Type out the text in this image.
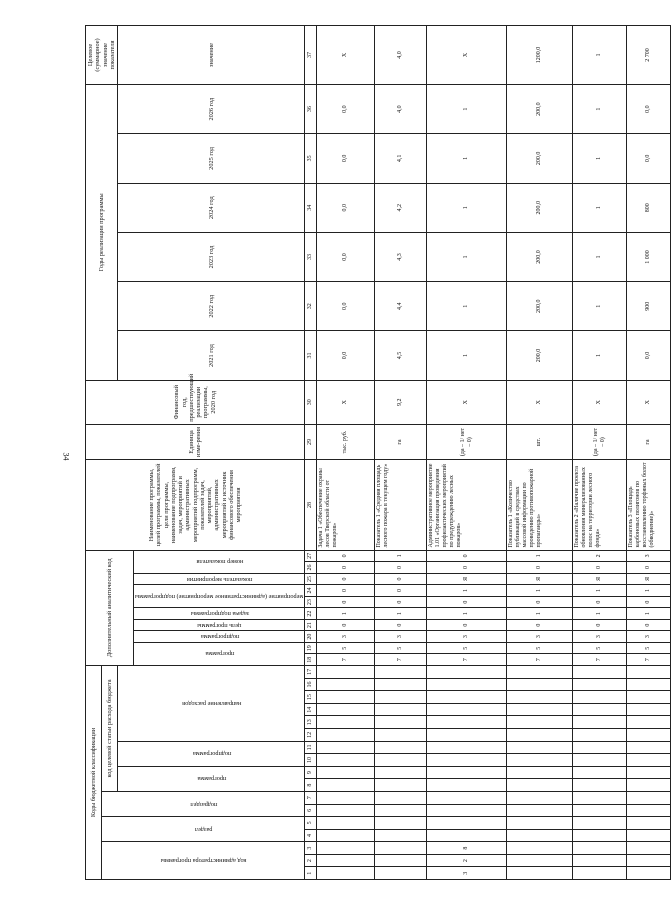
34
Коды бюджетной классификации																	Дополнительный аналитический код										Наименование программы, целей программы, показателей цели программы, наименование подпрограмм, задач, мероприятий и административных мероприятий подпрограмм, показателей задач, мероприятий, административных мероприятий и источник финансового обеспечения мероприятия	Единица изме-рения	Финансовый год, предшествующий реализации программы, 2020 год	Годы реализации программы						Целевое (суммарное) значение показателя
код администратора программы			раздел		подраздел		код целевой статьи расхода бюджета																													
							программа		подпрограмма		направление расходов																			2021 год	2022 год	2023 год	2024 год	2025 год	2026 год	значение
																	программа		подпрограмма	цель программы	задача подпрограммы	мероприятие (административное мероприятие) подпрограммы		показатель мероприятия	номер показателя											
1	2	3	4	5	6	7	8	9	10	11	12	13	14	15	16	17	18	19	20	21	22	23	24	25	26	27	28	29	30	31	32	33	34	35	36	37
																	7	5	3	0	1	0	0	0	0	0	Задача 1 «Обеспечение охраны лесов Тверской области от пожаров»	тыс. руб.	Х	0,0	0,0	0,0	0,0	0,0	0,0	Х
																	7	5	3	0	1	0	0	0	0	1	Показатель 1 «Средняя площадь лесного пожара в текущем году»	га	9,2	4,5	4,4	4,3	4,2	4,1	4,0	4,0
3	2	8															7	5	3	0	1	0	1	Я	0	0	Административное мероприятие 1.01 «Организация проведения профилактических мероприятий по предупреждению лесных пожаров»	(да – 1/ нет – 0)	Х	1	1	1	1	1	1	Х
																	7	5	3	0	1	0	1	Я	0	1	Показатель 1 «Количество публикаций в средствах массовой информации по проведению противопожарной пропаганды»	шт.	Х	200,0	200,0	200,0	200,0	200,0	200,0	1200,0
																	7	5	3	0	1	0	1	Я	0	2	Показатель 2 «Наличие проекта обновления минерализованных полос на территории лесного фонда»	(да – 1/ нет – 0)	Х	1	1	1	1	1	1	1
																	7	5	3	0	1	0	1	Я	0	3	Показатель 3 «Площадь карбоновых полигонов по восстановлению торфяных болот (обводнение)»	га	Х	0,0	900	1 000	800	0,0	0,0	2 700
